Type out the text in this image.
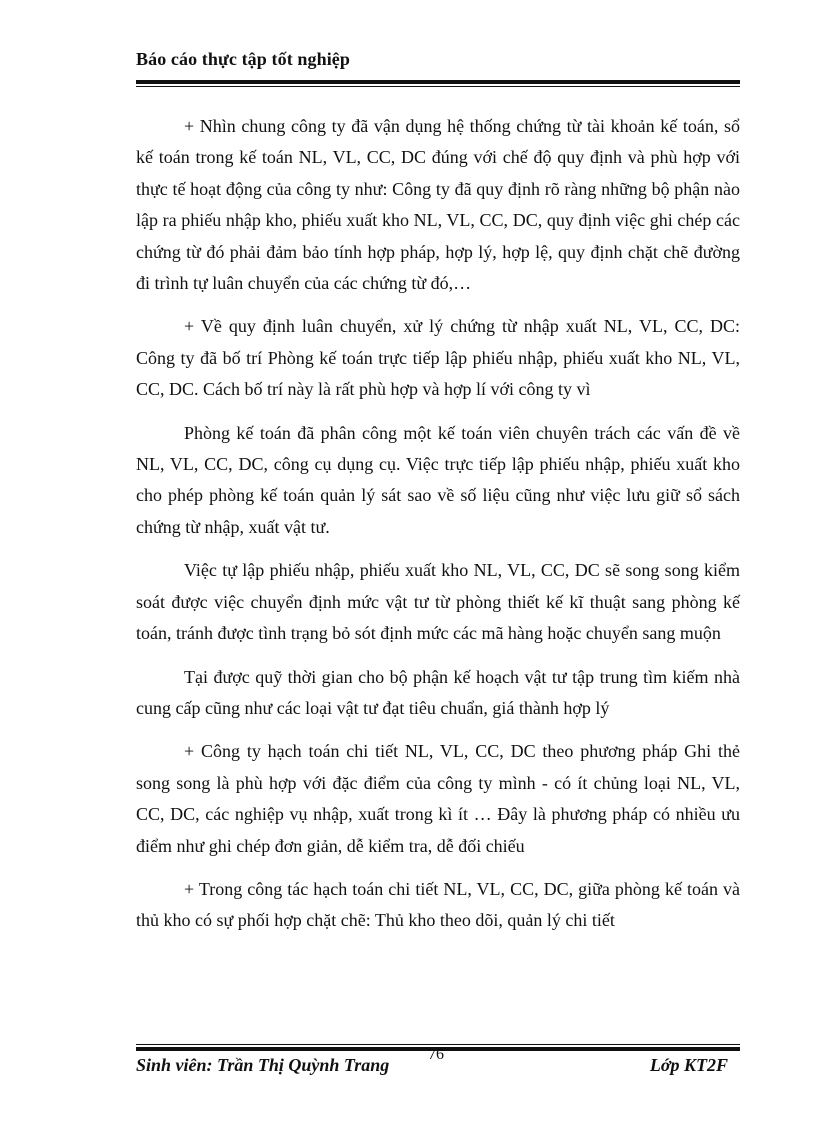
Báo cáo thực tập tốt nghiệp

+ Nhìn chung công ty đã vận dụng hệ thống chứng từ tài khoản kế toán, sổ kế toán trong kế toán NL, VL, CC, DC đúng với chế độ quy định và phù hợp với thực tế hoạt động của công ty như: Công ty đã quy định rõ ràng những bộ phận nào lập ra phiếu nhập kho, phiếu xuất kho NL, VL, CC, DC, quy định việc ghi chép các chứng từ đó phải đảm bảo tính hợp pháp, hợp lý, hợp lệ, quy định chặt chẽ đường đi trình tự luân chuyển của các chứng từ đó,…

+ Về quy định luân chuyển, xử lý chứng từ nhập xuất NL, VL, CC, DC: Công ty đã bố trí Phòng kế toán trực tiếp lập phiếu nhập, phiếu xuất kho NL, VL, CC, DC. Cách bố trí này là rất phù hợp và hợp lí với công ty vì

Phòng kế toán đã phân công một kế toán viên chuyên trách các vấn đề về NL, VL, CC, DC, công cụ dụng cụ. Việc trực tiếp lập phiếu nhập, phiếu xuất kho cho phép phòng kế toán quản lý sát sao về số liệu cũng như việc lưu giữ sổ sách chứng từ nhập, xuất vật tư.

Việc tự lập phiếu nhập, phiếu xuất kho NL, VL, CC, DC sẽ song song kiểm soát được việc chuyển định mức vật tư từ phòng thiết kế kĩ thuật sang phòng kế toán, tránh được tình trạng bỏ sót định mức các mã hàng hoặc chuyển sang muộn

Tại được quỹ thời gian cho bộ phận kế hoạch vật tư tập trung tìm kiếm nhà cung cấp cũng như các loại vật tư đạt tiêu chuẩn, giá thành hợp lý

+ Công ty hạch toán chi tiết NL, VL, CC, DC theo phương pháp Ghi thẻ song song là phù hợp với đặc điểm của công ty mình - có ít chủng loại NL, VL, CC, DC, các nghiệp vụ nhập, xuất trong kì ít … Đây là phương pháp có nhiều ưu điểm như ghi chép đơn giản, dễ kiểm tra, dễ đối chiếu

+ Trong công tác hạch toán chi tiết NL, VL, CC, DC, giữa phòng kế toán và thủ kho có sự phối hợp chặt chẽ: Thủ kho theo dõi, quản lý chi tiết

Sinh viên: Trần Thị Quỳnh Trang
76
Lớp KT2F
